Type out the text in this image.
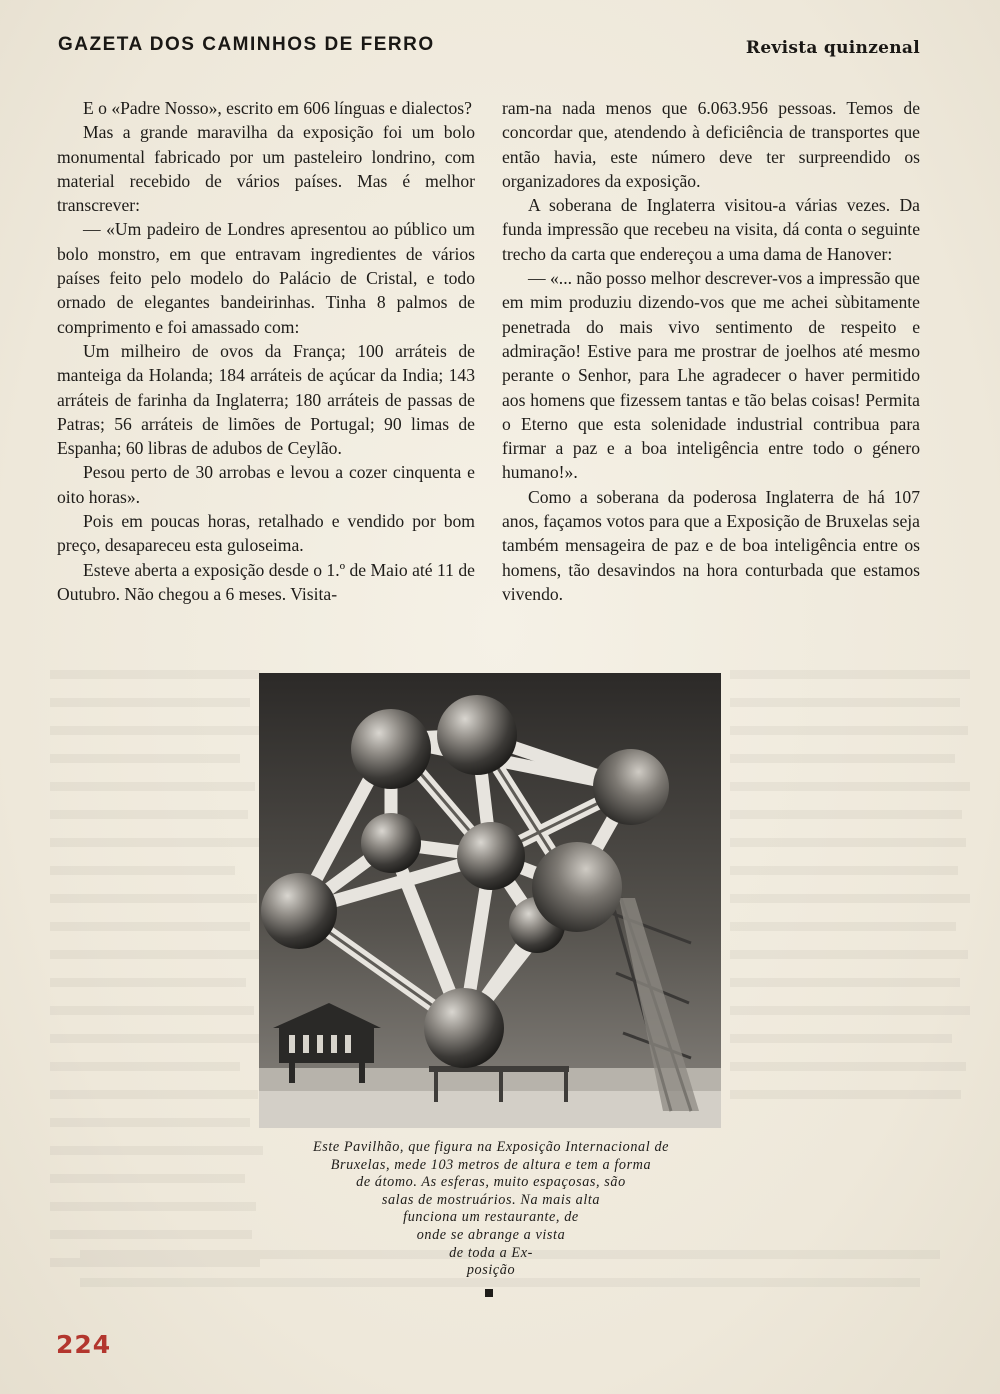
GAZETA DOS CAMINHOS DE FERRO	Revista quinzenal

E o «Padre Nosso», escrito em 606 línguas e dialectos?

Mas a grande maravilha da exposição foi um bolo monumental fabricado por um pasteleiro londrino, com material recebido de vários países. Mas é melhor transcrever:

— «Um padeiro de Londres apresentou ao público um bolo monstro, em que entravam ingredientes de vários países feito pelo modelo do Palácio de Cristal, e todo ornado de elegantes bandeirinhas. Tinha 8 palmos de comprimento e foi amassado com:

Um milheiro de ovos da França; 100 arráteis de manteiga da Holanda; 184 arráteis de açúcar da India; 143 arráteis de farinha da Inglaterra; 180 arráteis de passas de Patras; 56 arráteis de limões de Portugal; 90 limas de Espanha; 60 libras de adubos de Ceylão.

Pesou perto de 30 arrobas e levou a cozer cinquenta e oito horas».

Pois em poucas horas, retalhado e vendido por bom preço, desapareceu esta guloseima.

Esteve aberta a exposição desde o 1.º de Maio até 11 de Outubro. Não chegou a 6 meses. Visita-

ram-na nada menos que 6.063.956 pessoas. Temos de concordar que, atendendo à deficiência de transportes que então havia, este número deve ter surpreendido os organizadores da exposição.

A soberana de Inglaterra visitou-a várias vezes. Da funda impressão que recebeu na visita, dá conta o seguinte trecho da carta que endereçou a uma dama de Hanover:

— «... não posso melhor descrever-vos a impressão que em mim produziu dizendo-vos que me achei sùbitamente penetrada do mais vivo sentimento de respeito e admiração! Estive para me prostrar de joelhos até mesmo perante o Senhor, para Lhe agradecer o haver permitido aos homens que fizessem tantas e tão belas coisas! Permita o Eterno que esta solenidade industrial contribua para firmar a paz e a boa inteligência entre todo o género humano!».

Como a soberana da poderosa Inglaterra de há 107 anos, façamos votos para que a Exposição de Bruxelas seja também mensageira de paz e de boa inteligência entre os homens, tão desavindos na hora conturbada que estamos vivendo.

Este Pavilhão, que figura na Exposição Internacional de
Bruxelas, mede 103 metros de altura e tem a forma
de átomo. As esferas, muito espaçosas, são
salas de mostruários. Na mais alta
funciona um restaurante, de
onde se abrange a vista
de toda a Ex-
posição
224
